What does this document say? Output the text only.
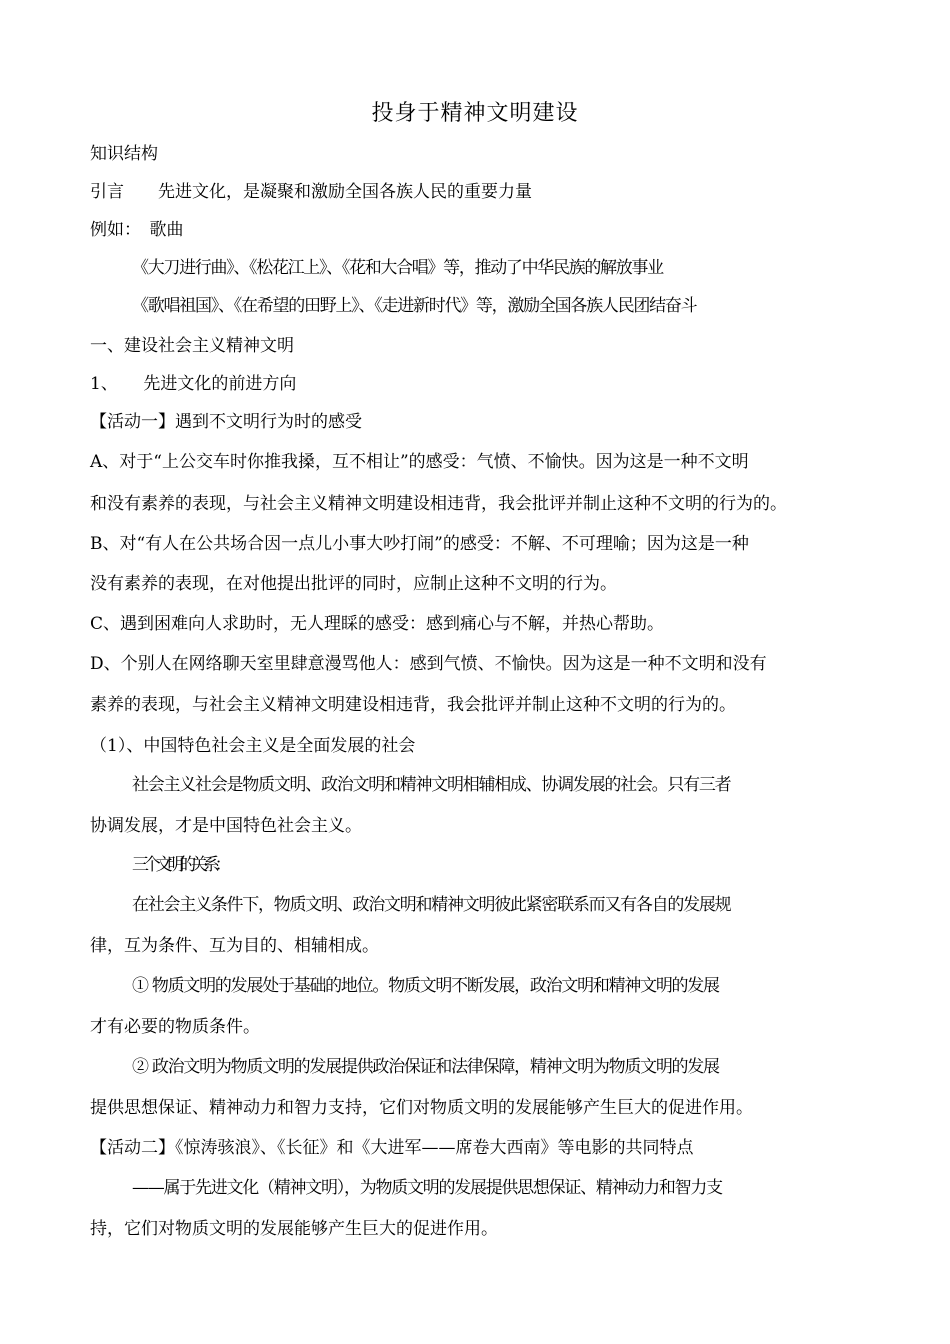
投身于精神文明建设
知识结构
引言　　先进文化，是凝聚和激励全国各族人民的重要力量
例如：　歌曲
《大刀进行曲》、《松花江上》、《花和大合唱》等，推动了中华民族的解放事业
《歌唱祖国》、《在希望的田野上》、《走进新时代》等，激励全国各族人民团结奋斗
一、建设社会主义精神文明
1、　　先进文化的前进方向
【活动一】遇到不文明行为时的感受
A、对于“上公交车时你推我搡，互不相让”的感受：气愤、不愉快。因为这是一种不文明
和没有素养的表现，与社会主义精神文明建设相违背，我会批评并制止这种不文明的行为的。
B、对“有人在公共场合因一点儿小事大吵打闹”的感受：不解、不可理喻；因为这是一种
没有素养的表现，在对他提出批评的同时，应制止这种不文明的行为。
C、遇到困难向人求助时，无人理睬的感受：感到痛心与不解，并热心帮助。
D、个别人在网络聊天室里肆意漫骂他人：感到气愤、不愉快。因为这是一种不文明和没有
素养的表现，与社会主义精神文明建设相违背，我会批评并制止这种不文明的行为的。
（1）、中国特色社会主义是全面发展的社会
社会主义社会是物质文明、政治文明和精神文明相辅相成、协调发展的社会。只有三者
协调发展，才是中国特色社会主义。
三个文明的关系：
在社会主义条件下，物质文明、政治文明和精神文明彼此紧密联系而又有各自的发展规
律，互为条件、互为目的、相辅相成。
① 物质文明的发展处于基础的地位。物质文明不断发展，政治文明和精神文明的发展
才有必要的物质条件。
② 政治文明为物质文明的发展提供政治保证和法律保障，精神文明为物质文明的发展
提供思想保证、精神动力和智力支持，它们对物质文明的发展能够产生巨大的促进作用。
【活动二】《惊涛骇浪》、《长征》和《大进军——席卷大西南》等电影的共同特点
——属于先进文化（精神文明），为物质文明的发展提供思想保证、精神动力和智力支
持，它们对物质文明的发展能够产生巨大的促进作用。
